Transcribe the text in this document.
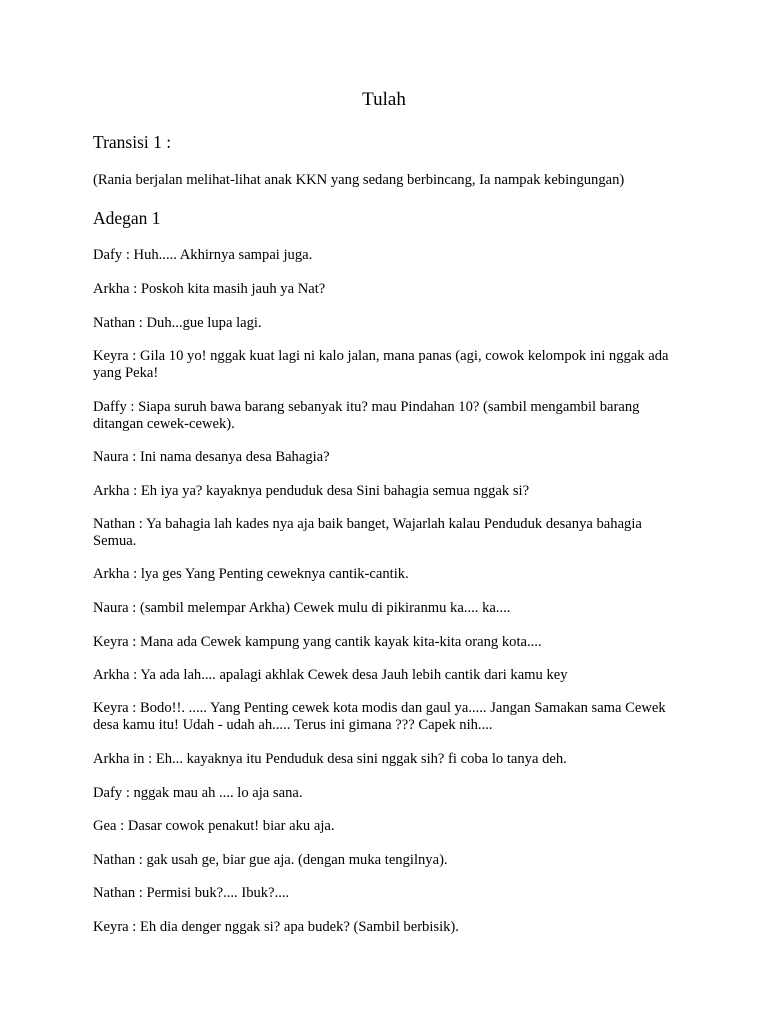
Tulah
Transisi 1 :
(Rania berjalan melihat-lihat anak KKN yang sedang berbincang, Ia nampak kebingungan)
Adegan 1
Dafy : Huh..... Akhirnya sampai juga.
Arkha : Poskoh kita masih jauh ya Nat?
Nathan : Duh...gue lupa lagi.
Keyra : Gila 10 yo! nggak kuat lagi ni kalo jalan, mana panas (agi, cowok kelompok ini nggak ada yang Peka!
Daffy : Siapa suruh bawa barang sebanyak itu? mau Pindahan 10? (sambil mengambil barang ditangan cewek-cewek).
Naura : Ini nama desanya desa Bahagia?
Arkha : Eh iya ya? kayaknya penduduk desa Sini bahagia semua nggak si?
Nathan : Ya bahagia lah kades nya aja baik banget, Wajarlah kalau Penduduk desanya bahagia Semua.
Arkha : lya ges Yang Penting ceweknya cantik-cantik.
Naura : (sambil melempar Arkha) Cewek mulu di pikiranmu ka.... ka....
Keyra : Mana ada Cewek kampung yang cantik kayak kita-kita orang kota....
Arkha : Ya ada lah.... apalagi akhlak Cewek desa Jauh lebih cantik dari kamu key
Keyra : Bodo!!. ..... Yang Penting cewek kota modis dan gaul ya..... Jangan Samakan sama Cewek desa kamu itu! Udah - udah ah..... Terus ini gimana ??? Capek nih....
Arkha in : Eh... kayaknya itu Penduduk desa sini nggak sih? fi coba lo tanya deh.
Dafy : nggak mau ah .... lo aja sana.
Gea : Dasar cowok penakut! biar aku aja.
Nathan : gak usah ge, biar gue aja. (dengan muka tengilnya).
Nathan : Permisi buk?.... Ibuk?....
Keyra : Eh dia denger nggak si? apa budek? (Sambil berbisik).
